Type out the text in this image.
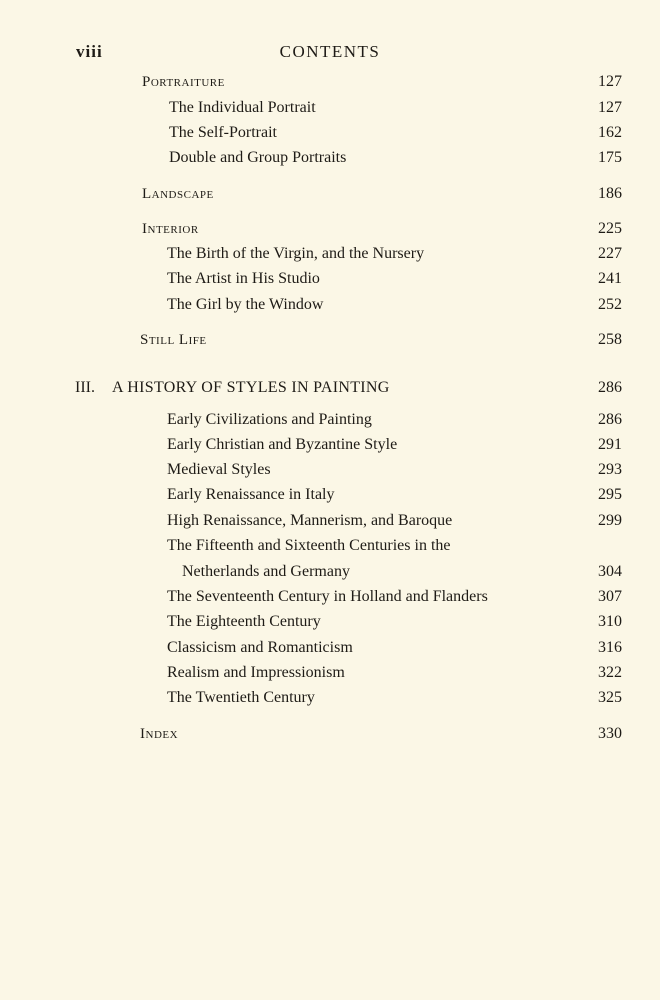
viii	CONTENTS
Portraiture	127
The Individual Portrait	127
The Self-Portrait	162
Double and Group Portraits	175
Landscape	186
Interior	225
The Birth of the Virgin, and the Nursery	227
The Artist in His Studio	241
The Girl by the Window	252
Still Life	258
III. A HISTORY OF STYLES IN PAINTING	286
Early Civilizations and Painting	286
Early Christian and Byzantine Style	291
Medieval Styles	293
Early Renaissance in Italy	295
High Renaissance, Mannerism, and Baroque	299
The Fifteenth and Sixteenth Centuries in the
Netherlands and Germany	304
The Seventeenth Century in Holland and Flanders	307
The Eighteenth Century	310
Classicism and Romanticism	316
Realism and Impressionism	322
The Twentieth Century	325
Index	330
